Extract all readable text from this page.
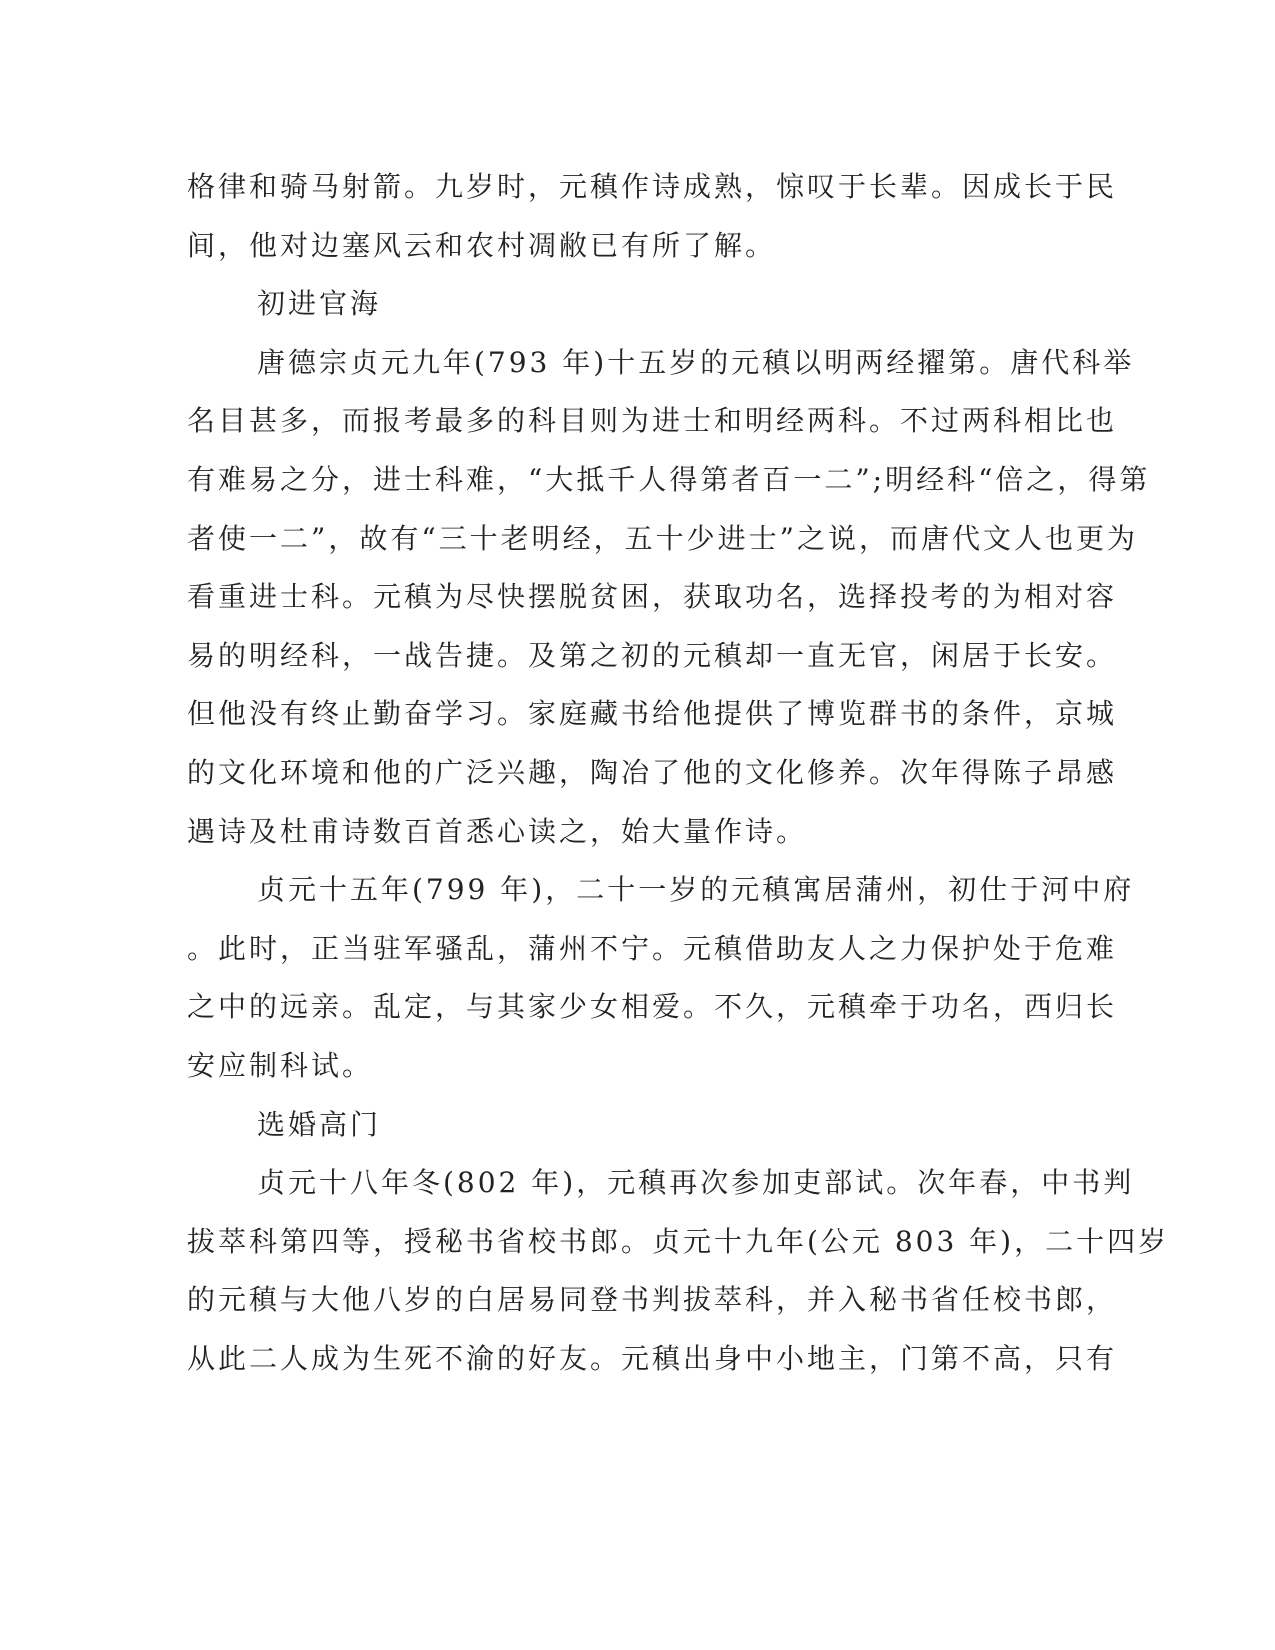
格律和骑马射箭。九岁时，元稹作诗成熟，惊叹于长辈。因成长于民
间，他对边塞风云和农村凋敝已有所了解。
初进官海
唐德宗贞元九年(793 年)十五岁的元稹以明两经擢第。唐代科举
名目甚多，而报考最多的科目则为进士和明经两科。不过两科相比也
有难易之分，进士科难，“大抵千人得第者百一二”;明经科“倍之，得第
者使一二”，故有“三十老明经，五十少进士”之说，而唐代文人也更为
看重进士科。元稹为尽快摆脱贫困，获取功名，选择投考的为相对容
易的明经科，一战告捷。及第之初的元稹却一直无官，闲居于长安。
但他没有终止勤奋学习。家庭藏书给他提供了博览群书的条件，京城
的文化环境和他的广泛兴趣，陶冶了他的文化修养。次年得陈子昂感
遇诗及杜甫诗数百首悉心读之，始大量作诗。
贞元十五年(799 年)，二十一岁的元稹寓居蒲州，初仕于河中府
。此时，正当驻军骚乱，蒲州不宁。元稹借助友人之力保护处于危难
之中的远亲。乱定，与其家少女相爱。不久，元稹牵于功名，西归长
安应制科试。
选婚高门
贞元十八年冬(802 年)，元稹再次参加吏部试。次年春，中书判
拔萃科第四等，授秘书省校书郎。贞元十九年(公元 803 年)，二十四岁
的元稹与大他八岁的白居易同登书判拔萃科，并入秘书省任校书郎，
从此二人成为生死不渝的好友。元稹出身中小地主，门第不高，只有
